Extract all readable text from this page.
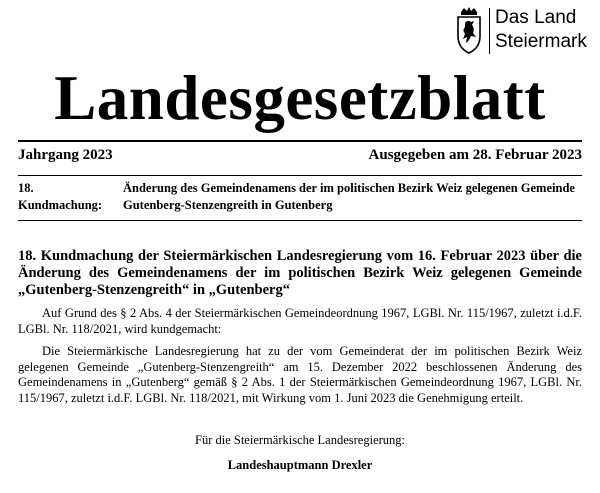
Das Land
Steiermark
Landesgesetzblatt
Jahrgang 2023	Ausgegeben am 28. Februar 2023
18.
Kundmachung:
Änderung des Gemeindenamens der im politischen Bezirk Weiz gelegenen Gemeinde Gutenberg-Stenzengreith in Gutenberg
18. Kundmachung der Steiermärkischen Landesregierung vom 16. Februar 2023 über die Änderung des Gemeindenamens der im politischen Bezirk Weiz gelegenen Gemeinde „Gutenberg-Stenzengreith“ in „Gutenberg“
Auf Grund des § 2 Abs. 4 der Steiermärkischen Gemeindeordnung 1967, LGBl. Nr. 115/1967, zuletzt i.d.F. LGBl. Nr. 118/2021, wird kundgemacht:
Die Steiermärkische Landesregierung hat zu der vom Gemeinderat der im politischen Bezirk Weiz gelegenen Gemeinde „Gutenberg-Stenzengreith“ am 15. Dezember 2022 beschlossenen Änderung des Gemeindenamens in „Gutenberg“ gemäß § 2 Abs. 1 der Steiermärkischen Gemeindeordnung 1967, LGBl. Nr. 115/1967, zuletzt i.d.F. LGBl. Nr. 118/2021, mit Wirkung vom 1. Juni 2023 die Genehmigung erteilt.
Für die Steiermärkische Landesregierung:
Landeshauptmann Drexler
